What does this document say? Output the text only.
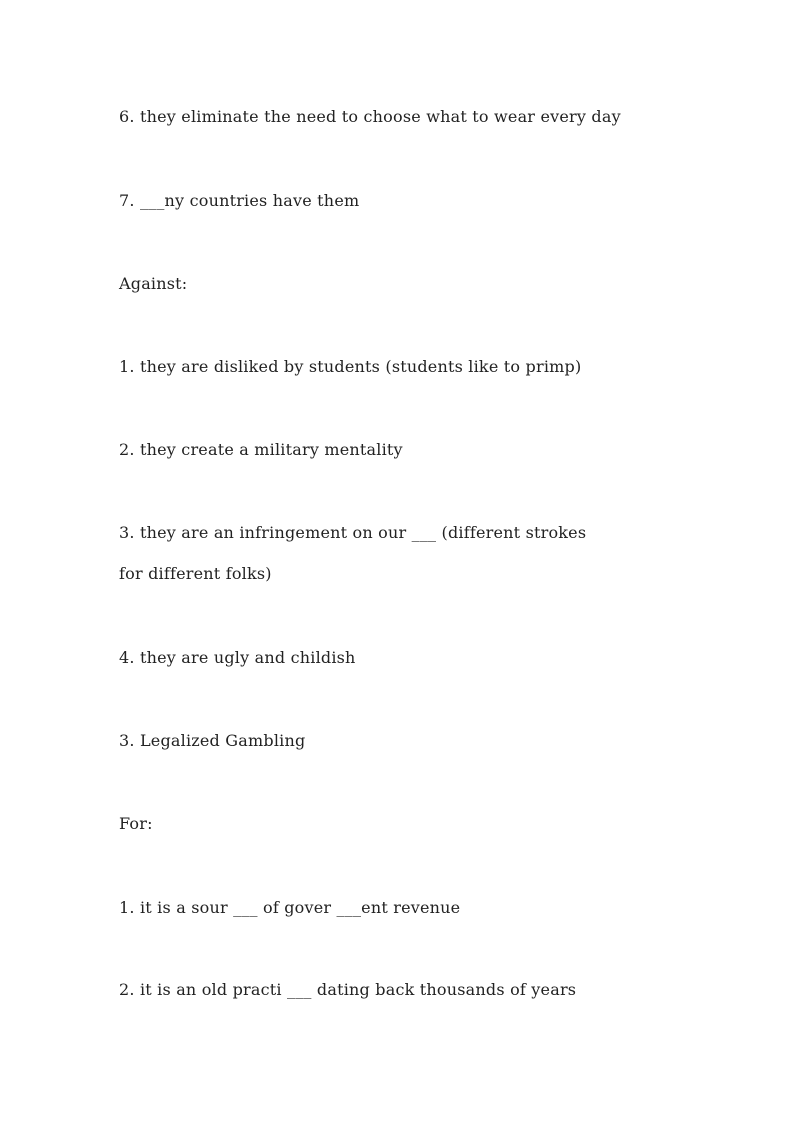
6. they eliminate the need to choose what to wear every day

7. ___ny countries have them

Against:

1. they are disliked by students (students like to primp)

2. they create a military mentality

3. they are an infringement on our ___ (different strokes

for different folks)

4. they are ugly and childish

3. Legalized Gambling

For:

1. it is a sour ___ of gover ___ent revenue

2. it is an old practi ___ dating back thousands of years
